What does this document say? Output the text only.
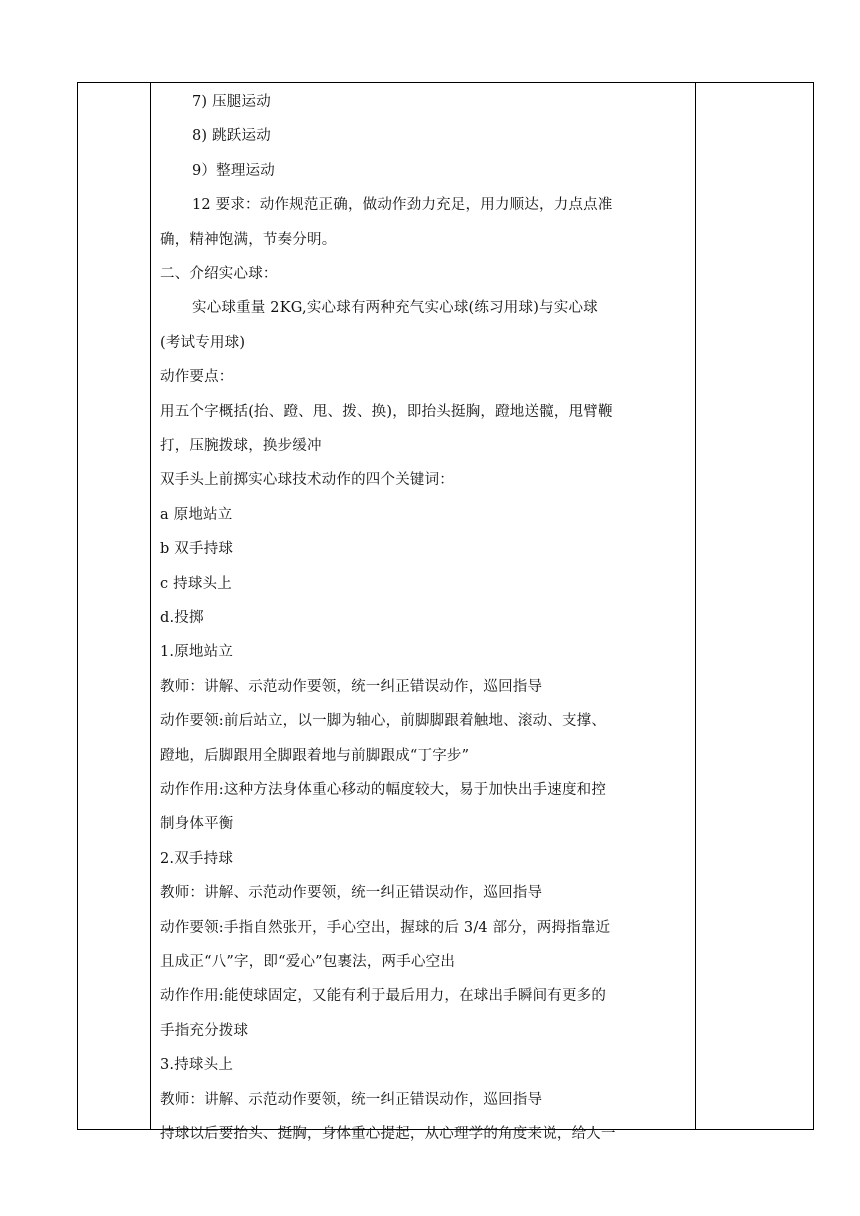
7) 压腿运动
8) 跳跃运动
9）整理运动
12 要求：动作规范正确，做动作劲力充足，用力顺达，力点点准
确，精神饱满，节奏分明。
二、介绍实心球：
实心球重量 2KG,实心球有两种充气实心球(练习用球)与实心球
(考试专用球)
动作要点：
用五个字概括(抬、蹬、甩、拨、换)，即抬头挺胸，蹬地送髋，甩臂鞭
打，压腕拨球，换步缓冲
双手头上前掷实心球技术动作的四个关键词：
a 原地站立
b 双手持球
c 持球头上
d.投掷
1.原地站立
教师：讲解、示范动作要领，统一纠正错误动作，巡回指导
动作要领:前后站立，以一脚为轴心，前脚脚跟着触地、滚动、支撑、
蹬地，后脚跟用全脚跟着地与前脚跟成“丁字步”
动作作用:这种方法身体重心移动的幅度较大，易于加快出手速度和控
制身体平衡
2.双手持球
教师：讲解、示范动作要领，统一纠正错误动作，巡回指导
动作要领:手指自然张开，手心空出，握球的后 3/4 部分，两拇指靠近
且成正“八”字，即“爱心”包裹法，两手心空出
动作作用:能使球固定，又能有利于最后用力，在球出手瞬间有更多的
手指充分拨球
3.持球头上
教师：讲解、示范动作要领，统一纠正错误动作，巡回指导
持球以后要抬头、挺胸，身体重心提起，从心理学的角度来说，给人一
